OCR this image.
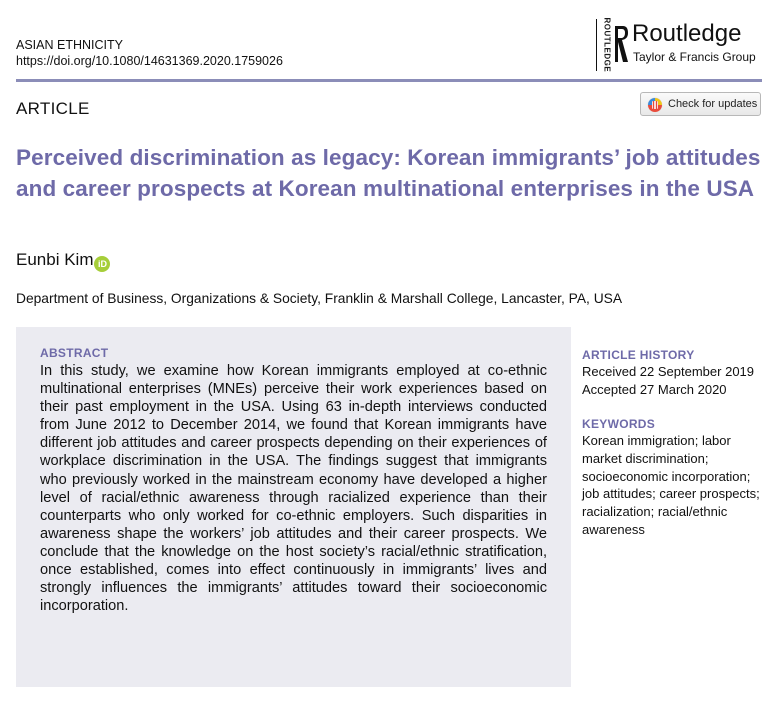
ASIAN ETHNICITY
https://doi.org/10.1080/14631369.2020.1759026	ROUTLEDGE Routledge
Taylor & Francis Group
ARTICLE	Check for updates
Perceived discrimination as legacy: Korean immigrants’ job attitudes and career prospects at Korean multinational enterprises in the USA
Eunbi Kim iD
Department of Business, Organizations & Society, Franklin & Marshall College, Lancaster, PA, USA
ABSTRACT

In this study, we examine how Korean immigrants employed at co-ethnic multinational enterprises (MNEs) perceive their work experiences based on their past employment in the USA. Using 63 in-depth interviews conducted from June 2012 to December 2014, we found that Korean immigrants have different job attitudes and career prospects depending on their experiences of workplace discrimination in the USA. The findings suggest that immigrants who previously worked in the mainstream economy have developed a higher level of racial/ethnic awareness through racialized experience than their counterparts who only worked for co-ethnic employers. Such disparities in awareness shape the workers’ job attitudes and their career prospects. We conclude that the knowledge on the host society’s racial/ethnic stratification, once established, comes into effect continuously in immigrants’ lives and strongly influences the immigrants’ attitudes toward their socioeconomic incorporation.

ARTICLE HISTORY
Received 22 September 2019
Accepted 27 March 2020
KEYWORDS
Korean immigration; labor market discrimination; socioeconomic incorporation; job attitudes; career prospects; racialization; racial/ethnic awareness
